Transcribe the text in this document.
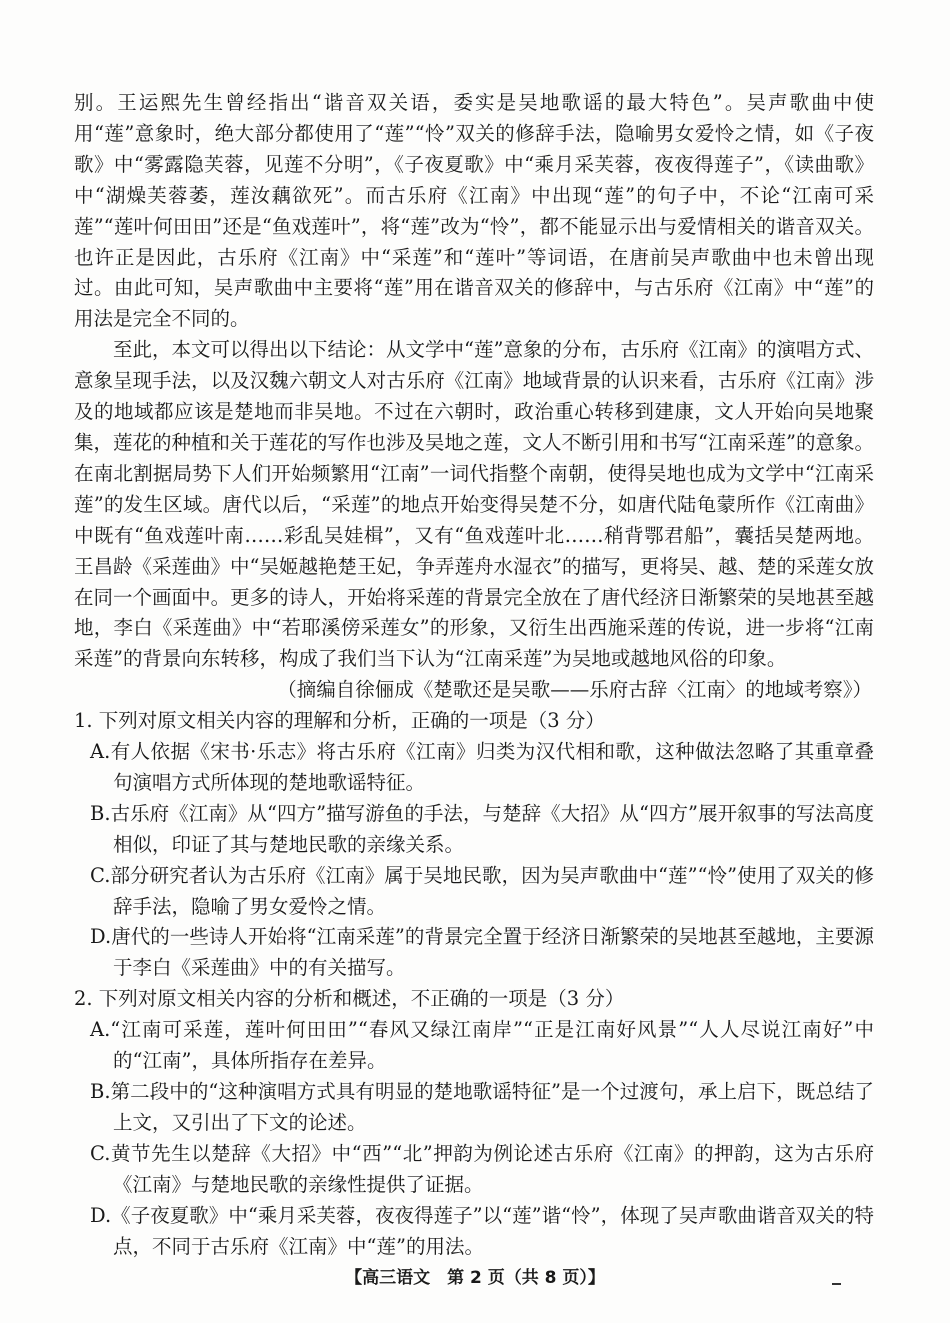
别。王运熙先生曾经指出“谐音双关语，委实是吴地歌谣的最大特色”。吴声歌曲中使用“莲”意象时，绝大部分都使用了“莲”“怜”双关的修辞手法，隐喻男女爱怜之情，如《子夜歌》中“雾露隐芙蓉，见莲不分明”，《子夜夏歌》中“乘月采芙蓉，夜夜得莲子”，《读曲歌》中“湖燥芙蓉萎，莲汝藕欲死”。而古乐府《江南》中出现“莲”的句子中，不论“江南可采莲”“莲叶何田田”还是“鱼戏莲叶”，将“莲”改为“怜”，都不能显示出与爱情相关的谐音双关。也许正是因此，古乐府《江南》中“采莲”和“莲叶”等词语，在唐前吴声歌曲中也未曾出现过。由此可知，吴声歌曲中主要将“莲”用在谐音双关的修辞中，与古乐府《江南》中“莲”的用法是完全不同的。

至此，本文可以得出以下结论：从文学中“莲”意象的分布，古乐府《江南》的演唱方式、意象呈现手法，以及汉魏六朝文人对古乐府《江南》地域背景的认识来看，古乐府《江南》涉及的地域都应该是楚地而非吴地。不过在六朝时，政治重心转移到建康，文人开始向吴地聚集，莲花的种植和关于莲花的写作也涉及吴地之莲，文人不断引用和书写“江南采莲”的意象。在南北割据局势下人们开始频繁用“江南”一词代指整个南朝，使得吴地也成为文学中“江南采莲”的发生区域。唐代以后，“采莲”的地点开始变得吴楚不分，如唐代陆龟蒙所作《江南曲》中既有“鱼戏莲叶南……彩乱吴娃楫”，又有“鱼戏莲叶北……稍背鄂君船”，囊括吴楚两地。王昌龄《采莲曲》中“吴姬越艳楚王妃，争弄莲舟水湿衣”的描写，更将吴、越、楚的采莲女放在同一个画面中。更多的诗人，开始将采莲的背景完全放在了唐代经济日渐繁荣的吴地甚至越地，李白《采莲曲》中“若耶溪傍采莲女”的形象，又衍生出西施采莲的传说，进一步将“江南采莲”的背景向东转移，构成了我们当下认为“江南采莲”为吴地或越地风俗的印象。

（摘编自徐俪成《楚歌还是吴歌——乐府古辞〈江南〉的地域考察》）

1. 下列对原文相关内容的理解和分析，正确的一项是（3 分）

A.有人依据《宋书·乐志》将古乐府《江南》归类为汉代相和歌，这种做法忽略了其重章叠句演唱方式所体现的楚地歌谣特征。

B.古乐府《江南》从“四方”描写游鱼的手法，与楚辞《大招》从“四方”展开叙事的写法高度相似，印证了其与楚地民歌的亲缘关系。

C.部分研究者认为古乐府《江南》属于吴地民歌，因为吴声歌曲中“莲”“怜”使用了双关的修辞手法，隐喻了男女爱怜之情。

D.唐代的一些诗人开始将“江南采莲”的背景完全置于经济日渐繁荣的吴地甚至越地，主要源于李白《采莲曲》中的有关描写。

2. 下列对原文相关内容的分析和概述，不正确的一项是（3 分）

A.“江南可采莲，莲叶何田田”“春风又绿江南岸”“正是江南好风景”“人人尽说江南好”中的“江南”，具体所指存在差异。

B.第二段中的“这种演唱方式具有明显的楚地歌谣特征”是一个过渡句，承上启下，既总结了上文，又引出了下文的论述。

C.黄节先生以楚辞《大招》中“西”“北”押韵为例论述古乐府《江南》的押韵，这为古乐府《江南》与楚地民歌的亲缘性提供了证据。

D.《子夜夏歌》中“乘月采芙蓉，夜夜得莲子”以“莲”谐“怜”，体现了吴声歌曲谐音双关的特点，不同于古乐府《江南》中“莲”的用法。

【高三语文　第 2 页（共 8 页）】
